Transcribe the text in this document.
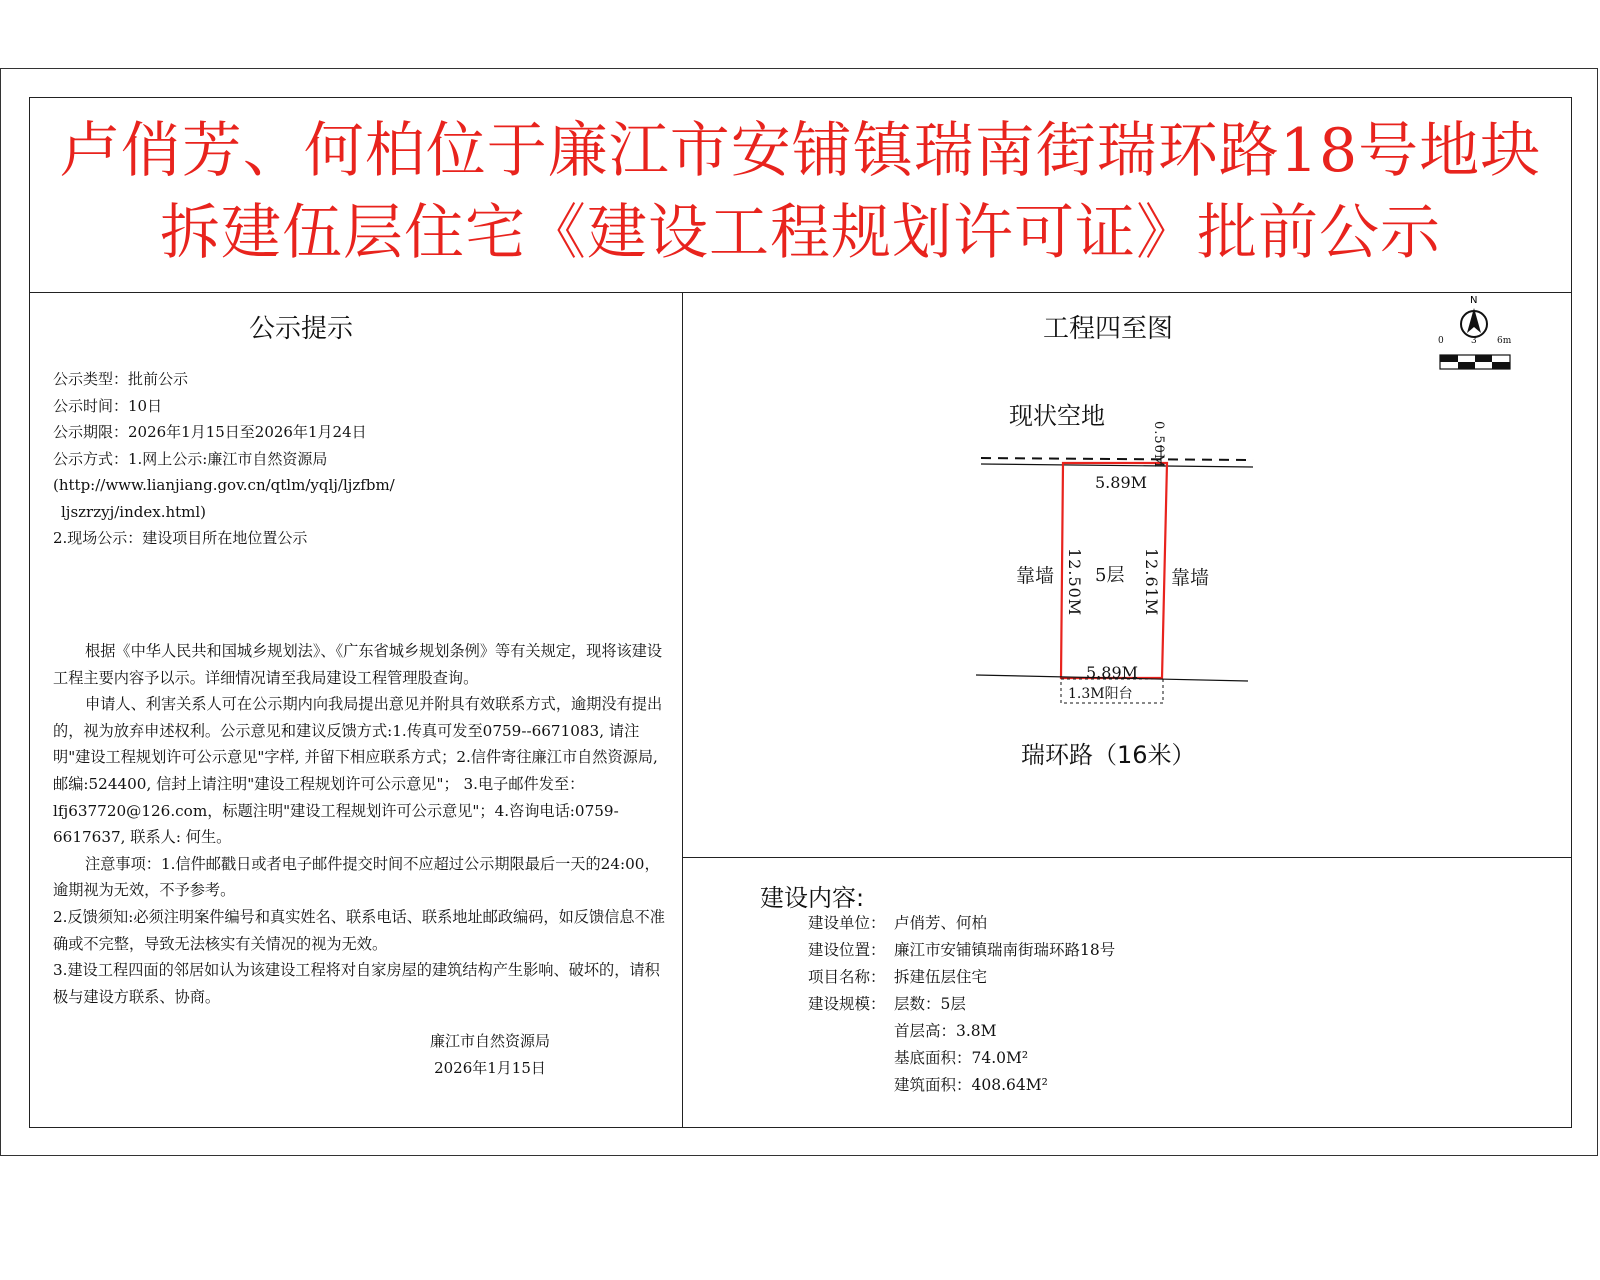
卢俏芳、何柏位于廉江市安铺镇瑞南街瑞环路18号地块
拆建伍层住宅《建设工程规划许可证》批前公示
公示提示
公示类型：批前公示
公示时间：10日
公示期限：2026年1月15日至2026年1月24日
公示方式：1.网上公示:廉江市自然资源局
(http://www.lianjiang.gov.cn/qtlm/yqlj/ljzfbm/
ljszrzyj/index.html)
2.现场公示：建设项目所在地位置公示

根据《中华人民共和国城乡规划法》、《广东省城乡规划条例》等有关规定，现将该建设工程主要内容予以示。详细情况请至我局建设工程管理股查询。

申请人、利害关系人可在公示期内向我局提出意见并附具有效联系方式，逾期没有提出的，视为放弃申述权利。公示意见和建议反馈方式:1.传真可发至0759--6671083, 请注明"建设工程规划许可公示意见"字样, 并留下相应联系方式；2.信件寄往廉江市自然资源局, 邮编:524400, 信封上请注明"建设工程规划许可公示意见"； 3.电子邮件发至：lfj637720@126.com，标题注明"建设工程规划许可公示意见"；4.咨询电话:0759-6617637, 联系人: 何生。

注意事项：1.信件邮戳日或者电子邮件提交时间不应超过公示期限最后一天的24:00，逾期视为无效，不予参考。

2.反馈须知:必须注明案件编号和真实姓名、联系电话、联系地址邮政编码，如反馈信息不准确或不完整，导致无法核实有关情况的视为无效。

3.建设工程四面的邻居如认为该建设工程将对自家房屋的建筑结构产生影响、破坏的，请积极与建设方联系、协商。

廉江市自然资源局
2026年1月15日
工程四至图
N
现状空地
瑞环路（16米）
靠墙	靠墙
5层
5.89M
5.89M
12.50M	12.61M
0.50M
1.3M阳台
0	3 6m
建设内容:
建设单位： 卢俏芳、何柏
建设位置： 廉江市安铺镇瑞南街瑞环路18号
项目名称： 拆建伍层住宅
建设规模： 层数：5层
首层高：3.8M
基底面积：74.0M²
建筑面积：408.64M²
